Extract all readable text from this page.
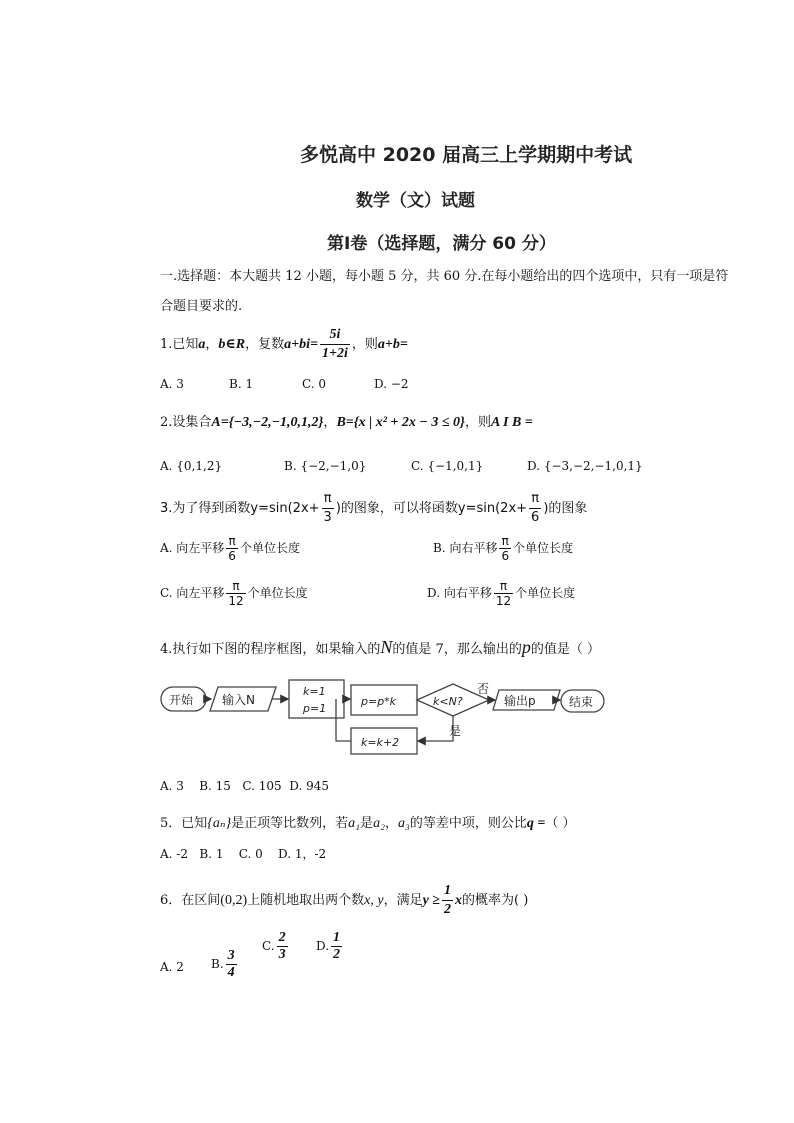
多悦高中 2020 届高三上学期期中考试
数学（文）试题
第Ⅰ卷（选择题，满分 60 分）
一.选择题：本大题共 12 小题，每小题 5 分，共 60 分.在每小题给出的四个选项中，只有一项是符
合题目要求的.
1.已知a，b∈R，复数$a+bi= \frac{5i}{1+2i}$ ，则a+b=
A. 3	B. 1	C. 0	D. −2
2.设集合A={−3,−2,−1,0,1,2}，B={x | x² + 2x − 3 ≤ 0}，则A I B =
A. {0,1,2}	B. {−2,−1,0}	C. {−1,0,1}	D. {−3,−2,−1,0,1}
3.为了得到函数$y=\sin(2x+ \frac{\pi}{3}$ )的图象，可以将函数$y=\sin(2x+ \frac{\pi}{6}$ )的图象
A. 向左平移 $\frac{\pi}{6}$ 个单位长度	B. 向右平移 $\frac{\pi}{6}$ 个单位长度
C. 向左平移 $\frac{\pi}{12}$ 个单位长度	D. 向右平移 $\frac{\pi}{12}$ 个单位长度
4.执行如下图的程序框图，如果输入的N的值是 7，那么输出的p的值是（ ）
开始 输入N
k=1
p=1
p=p*k	k<N?
否
是
输出p	结束
k=k+2
A. 3    B. 15   C. 105  D. 945
5．已知{aₙ}是正项等比数列，若a₁是a₂，a₃的等差中项，则公比q =（ ）
A. -2   B. 1    C. 0    D. 1，-2
6．在区间(0,2)上随机地取出两个数x, y，满足$y \ge \frac{1}{2}$ x的概率为( )
A. 2 B. $\frac{3}{4}$
C. $\frac{2}{3} D$. $\frac{1}{2}$
